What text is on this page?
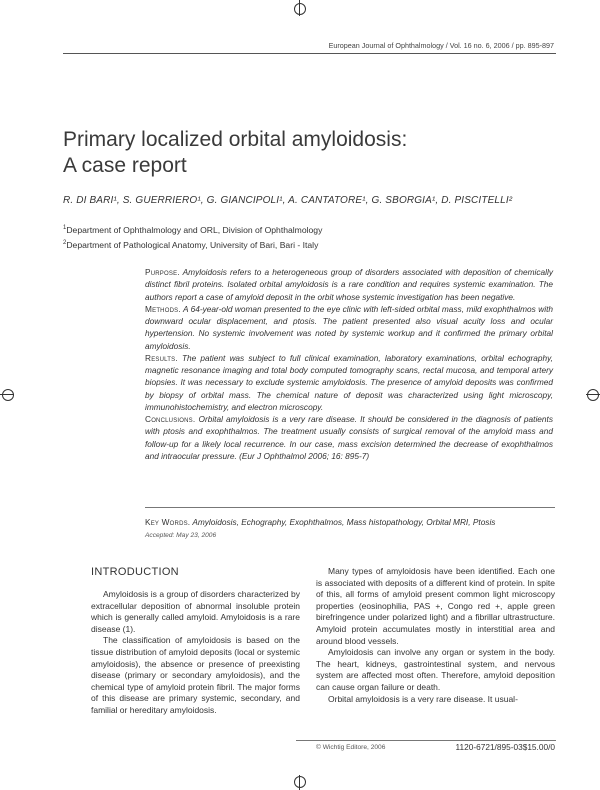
European Journal of Ophthalmology / Vol. 16 no. 6, 2006 / pp. 895-897
Primary localized orbital amyloidosis:
A case report
R. DI BARI¹, S. GUERRIERO¹, G. GIANCIPOLI¹, A. CANTATORE¹, G. SBORGIA¹, D. PISCITELLI²
$^1$Department of Ophthalmology and ORL, Division of Ophthalmology
$^2$Department of Pathological Anatomy, University of Bari, Bari - Italy

Purpose. Amyloidosis refers to a heterogeneous group of disorders associated with deposition of chemically distinct fibril proteins. Isolated orbital amyloidosis is a rare condition and requires systemic examination. The authors report a case of amyloid deposit in the orbit whose systemic investigation has been negative.

Methods. A 64-year-old woman presented to the eye clinic with left-sided orbital mass, mild exophthalmos with downward ocular displacement, and ptosis. The patient presented also visual acuity loss and ocular hypertension. No systemic involvement was noted by systemic workup and it confirmed the primary orbital amyloidosis.

Results. The patient was subject to full clinical examination, laboratory examinations, orbital echography, magnetic resonance imaging and total body computed tomography scans, rectal mucosa, and temporal artery biopsies. It was necessary to exclude systemic amyloidosis. The presence of amyloid deposits was confirmed by biopsy of orbital mass. The chemical nature of deposit was characterized using light microscopy, immunohistochemistry, and electron microscopy.

Conclusions. Orbital amyloidosis is a very rare disease. It should be considered in the diagnosis of patients with ptosis and exophthalmos. The treatment usually consists of surgical removal of the amyloid mass and follow-up for a likely local recurrence. In our case, mass excision determined the decrease of exophthalmos and intraocular pressure. (Eur J Ophthalmol 2006; 16: 895-7)

Key Words. Amyloidosis, Echography, Exophthalmos, Mass histopathology, Orbital MRI, Ptosis
Accepted: May 23, 2006
INTRODUCTION

Amyloidosis is a group of disorders characterized by extracellular deposition of abnormal insoluble protein which is generally called amyloid. Amyloidosis is a rare disease (1).

The classification of amyloidosis is based on the tissue distribution of amyloid deposits (local or systemic amyloidosis), the absence or presence of preexisting disease (primary or secondary amyloidosis), and the chemical type of amyloid protein fibril. The major forms of this disease are primary systemic, secondary, and familial or hereditary amyloidosis.

Many types of amyloidosis have been identified. Each one is associated with deposits of a different kind of protein. In spite of this, all forms of amyloid present common light microscopy properties (eosinophilia, PAS +, Congo red +, apple green birefringence under polarized light) and a fibrillar ultrastructure. Amyloid protein accumulates mostly in interstitial area and around blood vessels.

Amyloidosis can involve any organ or system in the body. The heart, kidneys, gastrointestinal system, and nervous system are affected most often. Therefore, amyloid deposition can cause organ failure or death.

Orbital amyloidosis is a very rare disease. It usual-

© Wichtig Editore, 2006	1120-6721/895-03$15.00/0
